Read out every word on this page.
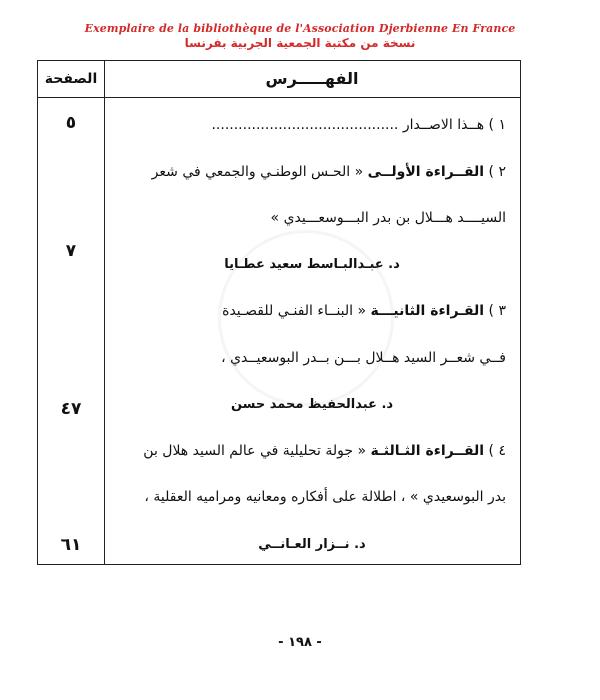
Exemplaire de la bibliothèque de l'Association Djerbienne En France
نسخة من مكتبة الجمعية الجربية بفرنسا
الصفحة	الفهـــــرس
١ ) هــذا الاصــدار ..........................................
٥
٢ ) القــراءة الأولــى « الحـس الوطنـي والجمعي في شعر
السيــــد هـــلال بن بدر البـــوسعـــيدي »
د. عبـدالبـاسط سعيد عطـايا
٧
٣ ) القـراءة الثانيـــة « البنــاء الفنـي للقصـيدة
فــي شعــر السيد هــلال بـــن بــدر البوسعيــدي ،
د. عبدالحفيظ محمد حسن
٤٧
٤ ) القــراءة الثـالثـة « جولة تحليلية في عالم السيد هلال بن
بدر البوسعيدي » ، اطلالة على أفكاره ومعانيه ومراميه العقلية ،
د. نــزار العـانــي
٦١
- ١٩٨ -
